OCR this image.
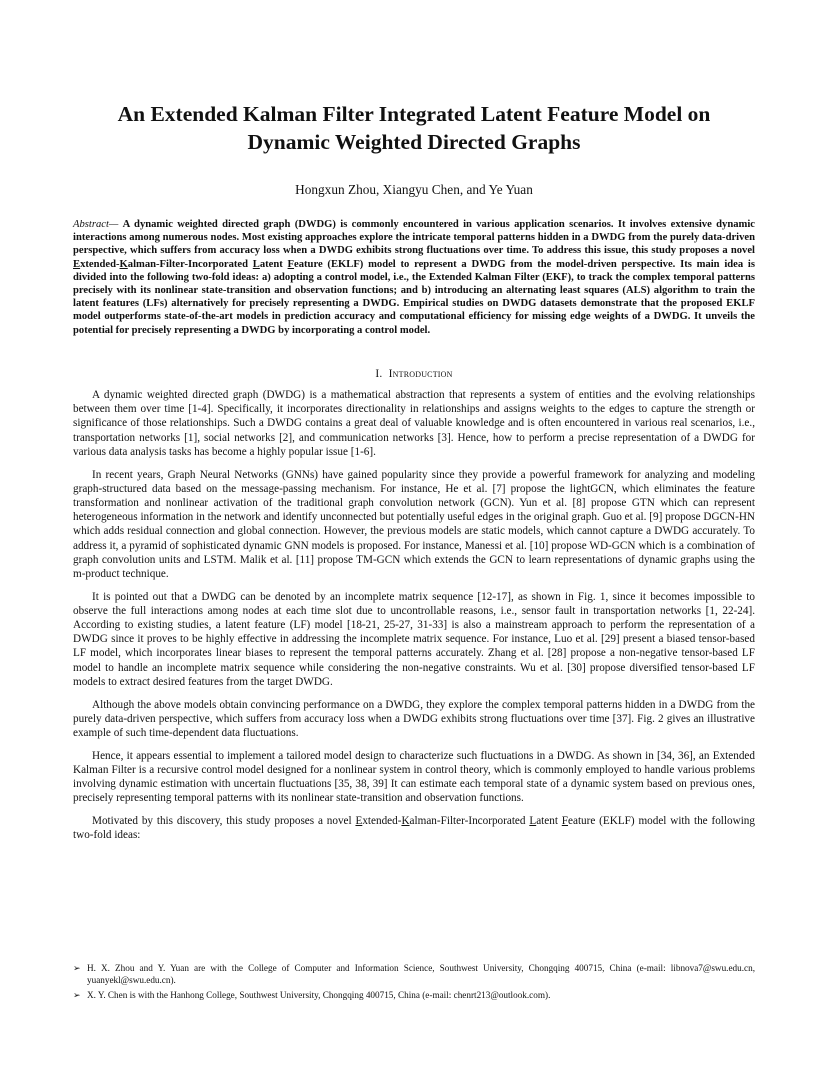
An Extended Kalman Filter Integrated Latent Feature Model on
Dynamic Weighted Directed Graphs

Hongxun Zhou, Xiangyu Chen, and Ye Yuan

Abstract— A dynamic weighted directed graph (DWDG) is commonly encountered in various application scenarios. It involves extensive dynamic interactions among numerous nodes. Most existing approaches explore the intricate temporal patterns hidden in a DWDG from the purely data-driven perspective, which suffers from accuracy loss when a DWDG exhibits strong fluctuations over time. To address this issue, this study proposes a novel Extended-Kalman-Filter-Incorporated Latent Feature (EKLF) model to represent a DWDG from the model-driven perspective. Its main idea is divided into the following two-fold ideas: a) adopting a control model, i.e., the Extended Kalman Filter (EKF), to track the complex temporal patterns precisely with its nonlinear state-transition and observation functions; and b) introducing an alternating least squares (ALS) algorithm to train the latent features (LFs) alternatively for precisely representing a DWDG. Empirical studies on DWDG datasets demonstrate that the proposed EKLF model outperforms state-of-the-art models in prediction accuracy and computational efficiency for missing edge weights of a DWDG. It unveils the potential for precisely representing a DWDG by incorporating a control model.

I. Introduction

A dynamic weighted directed graph (DWDG) is a mathematical abstraction that represents a system of entities and the evolving relationships between them over time [1-4]. Specifically, it incorporates directionality in relationships and assigns weights to the edges to capture the strength or significance of those relationships. Such a DWDG contains a great deal of valuable knowledge and is often encountered in various real scenarios, i.e., transportation networks [1], social networks [2], and communication networks [3]. Hence, how to perform a precise representation of a DWDG for various data analysis tasks has become a highly popular issue [1-6].

In recent years, Graph Neural Networks (GNNs) have gained popularity since they provide a powerful framework for analyzing and modeling graph-structured data based on the message-passing mechanism. For instance, He et al. [7] propose the lightGCN, which eliminates the feature transformation and nonlinear activation of the traditional graph convolution network (GCN). Yun et al. [8] propose GTN which can represent heterogeneous information in the network and identify unconnected but potentially useful edges in the original graph. Guo et al. [9] propose DGCN-HN which adds residual connection and global connection. However, the previous models are static models, which cannot capture a DWDG accurately. To address it, a pyramid of sophisticated dynamic GNN models is proposed. For instance, Manessi et al. [10] propose WD-GCN which is a combination of graph convolution units and LSTM. Malik et al. [11] propose TM-GCN which extends the GCN to learn representations of dynamic graphs using the m-product technique.

It is pointed out that a DWDG can be denoted by an incomplete matrix sequence [12-17], as shown in Fig. 1, since it becomes impossible to observe the full interactions among nodes at each time slot due to uncontrollable reasons, i.e., sensor fault in transportation networks [1, 22-24]. According to existing studies, a latent feature (LF) model [18-21, 25-27, 31-33] is also a mainstream approach to perform the representation of a DWDG since it proves to be highly effective in addressing the incomplete matrix sequence. For instance, Luo et al. [29] present a biased tensor-based LF model, which incorporates linear biases to represent the temporal patterns accurately. Zhang et al. [28] propose a non-negative tensor-based LF model to handle an incomplete matrix sequence while considering the non-negative constraints. Wu et al. [30] propose diversified tensor-based LF models to extract desired features from the target DWDG.

Although the above models obtain convincing performance on a DWDG, they explore the complex temporal patterns hidden in a DWDG from the purely data-driven perspective, which suffers from accuracy loss when a DWDG exhibits strong fluctuations over time [37]. Fig. 2 gives an illustrative example of such time-dependent data fluctuations.

Hence, it appears essential to implement a tailored model design to characterize such fluctuations in a DWDG. As shown in [34, 36], an Extended Kalman Filter is a recursive control model designed for a nonlinear system in control theory, which is commonly employed to handle various problems involving dynamic estimation with uncertain fluctuations [35, 38, 39] It can estimate each temporal state of a dynamic system based on previous ones, precisely representing temporal patterns with its nonlinear state-transition and observation functions.

Motivated by this discovery, this study proposes a novel Extended-Kalman-Filter-Incorporated Latent Feature (EKLF) model with the following two-fold ideas:

➢ H. X. Zhou and Y. Yuan are with the College of Computer and Information Science, Southwest University, Chongqing 400715, China (e-mail: libnova7@swu.edu.cn, yuanyekl@swu.edu.cn).

➢ X. Y. Chen is with the Hanhong College, Southwest University, Chongqing 400715, China (e-mail: chenrt213@outlook.com).
